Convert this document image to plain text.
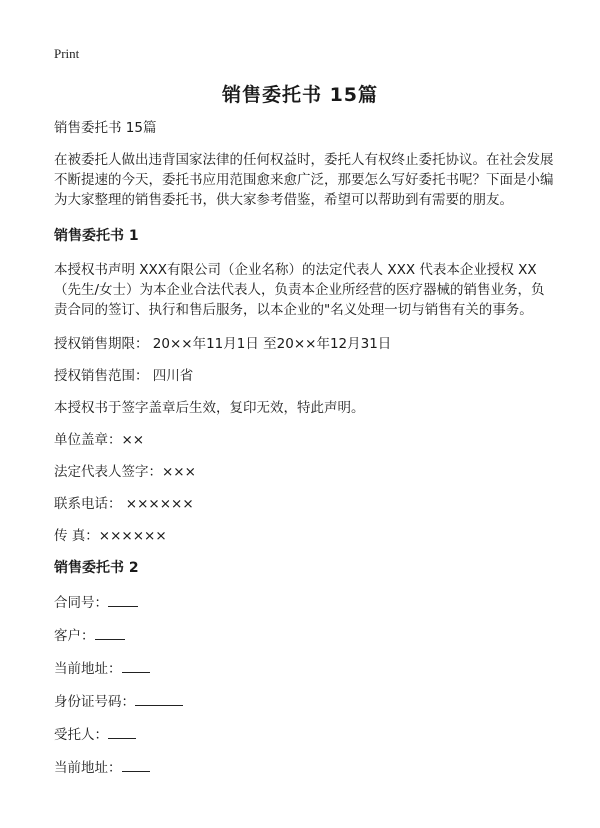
Print
销售委托书 15篇

销售委托书 15篇

在被委托人做出违背国家法律的任何权益时，委托人有权终止委托协议。在社会发展不断提速的今天，委托书应用范围愈来愈广泛，那要怎么写好委托书呢？下面是小编为大家整理的销售委托书，供大家参考借鉴，希望可以帮助到有需要的朋友。

销售委托书 1

本授权书声明 XXX有限公司（企业名称）的法定代表人 XXX 代表本企业授权 XX（先生/女士）为本企业合法代表人，负责本企业所经营的医疗器械的销售业务，负责合同的签订、执行和售后服务，以本企业的"名义处理一切与销售有关的事务。

授权销售期限： 20××年11月1日 至20××年12月31日
授权销售范围： 四川省
本授权书于签字盖章后生效，复印无效，特此声明。
单位盖章：××
法定代表人签字：×××
联系电话： ××××××
传 真：××××××
销售委托书 2
合同号：
客户：
当前地址：
身份证号码：
受托人：
当前地址：
